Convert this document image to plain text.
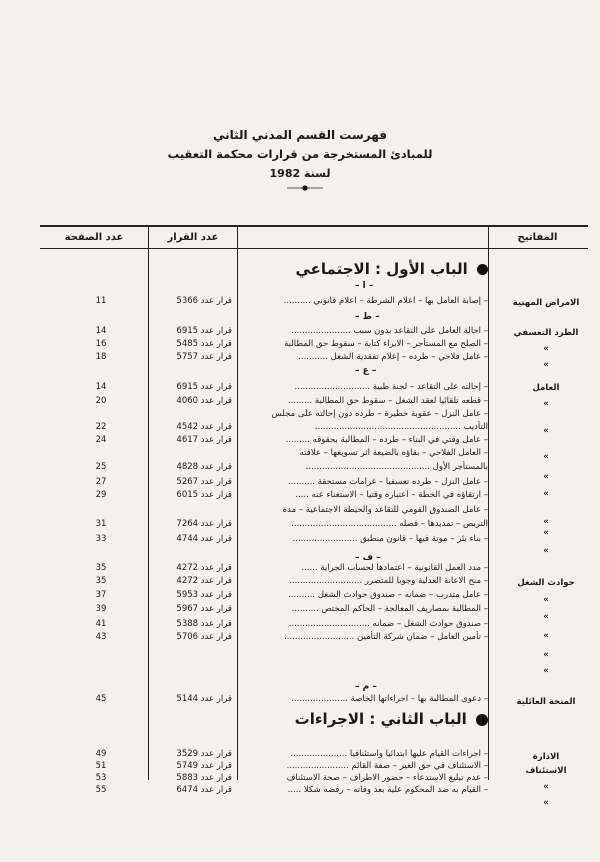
فهرست القسم المدني الثاني
للمبادئ المستخرجة من قرارات محكمة التعقيب
لسنة 1982
المفاتيح
عدد القرار
عدد الصفحة
الباب الأول : الاجتماعي
– ا –
– ط –
– ع –
– ف –
– م –
الباب الثاني : الاجراءات
الامراض المهنية
الطرد التعسفي
»
»
العامل
»
»
»
»
»
»
»
»
حوادث الشغل
»
»
»
»
»
المنحة العائلية
الادارة
الاستئناف
»
»
– إصابة العامل بها – اعلام الشرطة – اعلام قانوني ..........
قرار عدد 5366
11
– احالة العامل على التقاعد بدون سبب ......................
قرار عدد 6915
14
– الصلح مع المستأجر – الابراء كتابة – سقوط حق المطالبة
قرار عدد 5485
16
– عامل فلاحي – طرده – إعلام تفقدية الشغل ...........
قرار عدد 5757
18
– إحالته على التقاعد – لجنة طبية ............................
قرار عدد 6915
14
– قطعه تلقائيا لعقد الشغل – سقوط حق المطالبة .........
قرار عدد 4060
20
– عامل النزل – عقوبة خطيرة – طرده دون إحالته على مجلس
التأديب ......................................................
قرار عدد 4542
22
– عامل وقتي في البناء – طرده – المطالبة بحقوقه .........
قرار عدد 4617
24
– العامل الفلاحي – بقاؤه بالضيعة اثر تسويغها – علاقته
بالمستأجر الأول ..............................................
قرار عدد 4828
25
– عامل النزل – طرده تعسفيا – غرامات مستحقة ..........
قرار عدد 5267
27
– ارتقاؤه في الخطة – اعتباره وقتيا – الاستغناء عنه .....
قرار عدد 6015
29
– عامل الصندوق القومي للتقاعد والحيطة الاجتماعية – مدة
التربص – تمديدها – فصله .......................................
قرار عدد 7264
31
– بناء بئر – موتة فيها – قانون منطبق ........................
قرار عدد 4744
33
– مدد العمل القانونية – اعتمادها لحساب الجراية ......
قرار عدد 4272
35
– منح الاعانة العدلية وجوبا للمتضرر ...........................
قرار عدد 4272
35
– عامل متدرب – ضمانه – صندوق حوادث الشغل ..........
قرار عدد 5953
37
– المطالبة بمصاريف المعالجة – الحاكم المختص ..........
قرار عدد 5967
39
– صندوق حوادث الشغل – ضمانه ..............................
قرار عدد 5388
41
– تأمين العامل – ضمان شركة التأمين ..........................
قرار عدد 5706
43
– دعوى المطالبة بها – اجراءاتها الخاصة .....................
قرار عدد 5144
45
– اجراءات القيام عليها ابتدائيا واستئنافيا .....................
قرار عدد 3529
49
– الاستئناف في حق الغير – صفة القائم .......................
قرار عدد 5749
51
– عدم تبليغ الاستدعاء – حضور الاطراف – صحة الاستئناف
قرار عدد 5883
53
– القيام به ضد المحكوم عليه بعد وفاته – رفضه شكلا .....
قرار عدد 6474
55
